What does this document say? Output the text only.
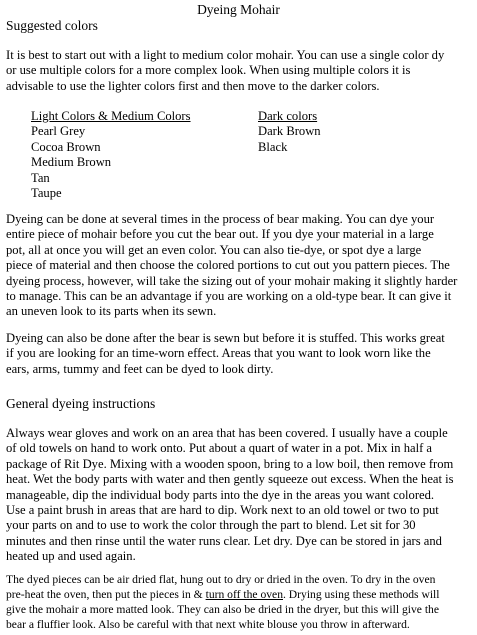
Dyeing Mohair
Suggested colors
It is best to start out with a light to medium color mohair. You can use a single color dy
or use multiple colors for a more complex look. When using multiple colors it is
advisable to use the lighter colors first and then move to the darker colors.
Light Colors & Medium Colors
Pearl Grey
Cocoa Brown
Medium Brown
Tan
Taupe
Dark colors
Dark Brown
Black
Dyeing can be done at several times in the process of bear making. You can dye your
entire piece of mohair before you cut the bear out. If you dye your material in a large
pot, all at once you will get an even color. You can also tie-dye, or spot dye a large
piece of material and then choose the colored portions to cut out you pattern pieces. The
dyeing process, however, will take the sizing out of your mohair making it slightly harder
to manage. This can be an advantage if you are working on a old-type bear. It can give it
an uneven look to its parts when its sewn.
Dyeing can also be done after the bear is sewn but before it is stuffed. This works great
if you are looking for an time-worn effect. Areas that you want to look worn like the
ears, arms, tummy and feet can be dyed to look dirty.
General dyeing instructions
Always wear gloves and work on an area that has been covered. I usually have a couple
of old towels on hand to work onto. Put about a quart of water in a pot. Mix in half a
package of Rit Dye. Mixing with a wooden spoon, bring to a low boil, then remove from
heat. Wet the body parts with water and then gently squeeze out excess. When the heat is
manageable, dip the individual body parts into the dye in the areas you want colored.
Use a paint brush in areas that are hard to dip. Work next to an old towel or two to put
your parts on and to use to work the color through the part to blend. Let sit for 30
minutes and then rinse until the water runs clear. Let dry. Dye can be stored in jars and
heated up and used again.
The dyed pieces can be air dried flat, hung out to dry or dried in the oven. To dry in the oven
pre-heat the oven, then put the pieces in & turn off the oven. Drying using these methods will
give the mohair a more matted look. They can also be dried in the dryer, but this will give the
bear a fluffier look. Also be careful with that next white blouse you throw in afterward.
